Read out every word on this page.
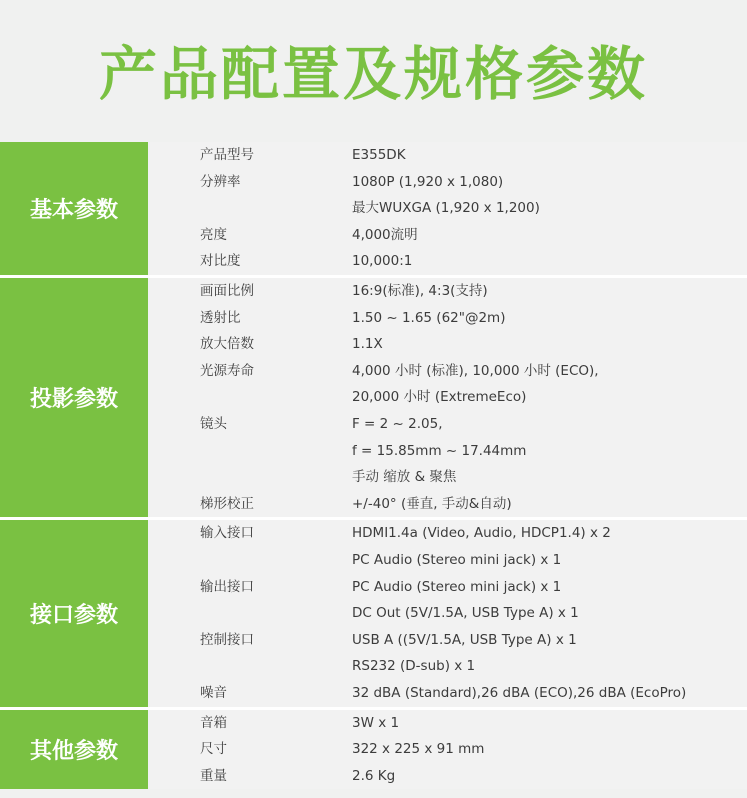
产品配置及规格参数
基本参数
产品型号	E355DK
分辨率	1080P (1,920 x 1,080)
最大WUXGA (1,920 x 1,200)
亮度	4,000流明
对比度	10,000:1
投影参数
画面比例	16:9(标准), 4:3(支持)
透射比	1.50 ~ 1.65 (62"@2m)
放大倍数	1.1X
光源寿命	4,000 小时 (标准), 10,000 小时 (ECO),
20,000 小时 (ExtremeEco)
镜头	F = 2 ~ 2.05,
f = 15.85mm ~ 17.44mm
手动 缩放 & 聚焦
梯形校正	+/-40° (垂直, 手动&自动)
接口参数
输入接口	HDMI1.4a (Video, Audio, HDCP1.4) x 2
PC Audio (Stereo mini jack) x 1
输出接口	PC Audio (Stereo mini jack) x 1
DC Out (5V/1.5A, USB Type A) x 1
控制接口	USB A ((5V/1.5A, USB Type A) x 1
RS232 (D-sub) x 1
噪音	32 dBA (Standard),26 dBA (ECO),26 dBA (EcoPro)
其他参数
音箱	3W x 1
尺寸	322 x 225 x 91 mm
重量	2.6 Kg
